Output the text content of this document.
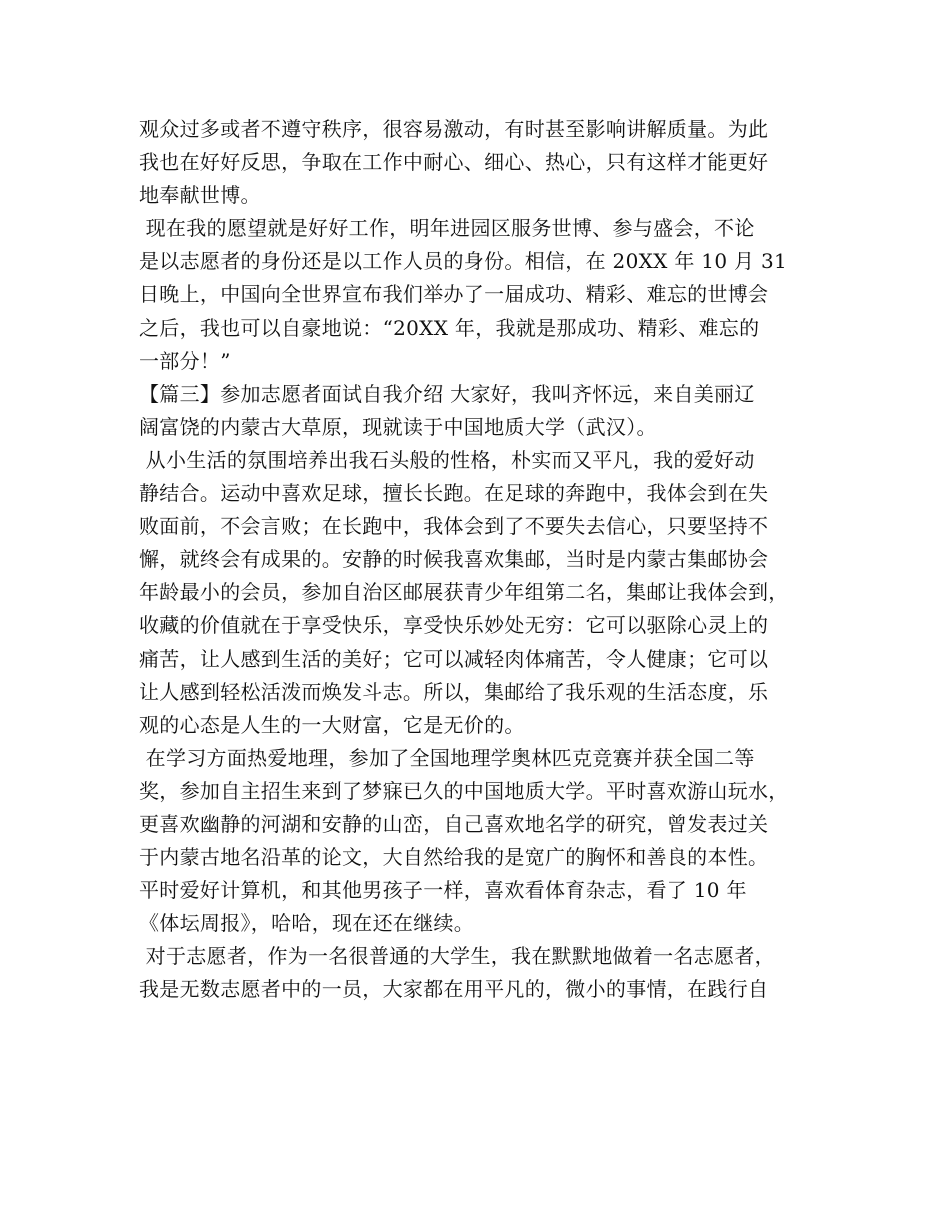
观众过多或者不遵守秩序，很容易激动，有时甚至影响讲解质量。为此
我也在好好反思，争取在工作中耐心、细心、热心，只有这样才能更好
地奉献世博。
现在我的愿望就是好好工作，明年进园区服务世博、参与盛会，不论
是以志愿者的身份还是以工作人员的身份。相信，在 20XX 年 10 月 31
日晚上，中国向全世界宣布我们举办了一届成功、精彩、难忘的世博会
之后，我也可以自豪地说：“20XX 年，我就是那成功、精彩、难忘的
一部分！”
【篇三】参加志愿者面试自我介绍 大家好，我叫齐怀远，来自美丽辽
阔富饶的内蒙古大草原，现就读于中国地质大学（武汉）。
从小生活的氛围培养出我石头般的性格，朴实而又平凡，我的爱好动
静结合。运动中喜欢足球，擅长长跑。在足球的奔跑中，我体会到在失
败面前，不会言败；在长跑中，我体会到了不要失去信心，只要坚持不
懈，就终会有成果的。安静的时候我喜欢集邮，当时是内蒙古集邮协会
年龄最小的会员，参加自治区邮展获青少年组第二名，集邮让我体会到，
收藏的价值就在于享受快乐，享受快乐妙处无穷：它可以驱除心灵上的
痛苦，让人感到生活的美好；它可以减轻肉体痛苦，令人健康；它可以
让人感到轻松活泼而焕发斗志。所以，集邮给了我乐观的生活态度，乐
观的心态是人生的一大财富，它是无价的。
在学习方面热爱地理，参加了全国地理学奥林匹克竞赛并获全国二等
奖，参加自主招生来到了梦寐已久的中国地质大学。平时喜欢游山玩水，
更喜欢幽静的河湖和安静的山峦，自己喜欢地名学的研究，曾发表过关
于内蒙古地名沿革的论文，大自然给我的是宽广的胸怀和善良的本性。
平时爱好计算机，和其他男孩子一样，喜欢看体育杂志，看了 10 年
《体坛周报》，哈哈，现在还在继续。
对于志愿者，作为一名很普通的大学生，我在默默地做着一名志愿者，
我是无数志愿者中的一员，大家都在用平凡的，微小的事情，在践行自
